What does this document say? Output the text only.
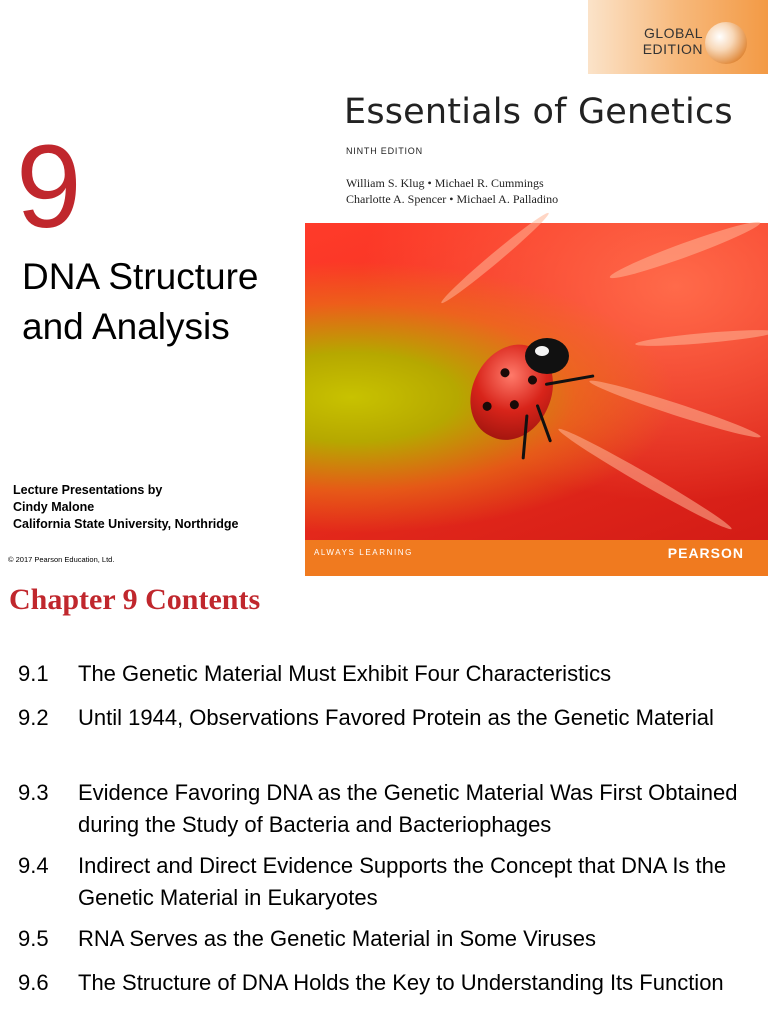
9
DNA Structure
and Analysis
Lecture Presentations by
Cindy Malone
California State University, Northridge
© 2017 Pearson Education, Ltd.
GLOBAL
EDITION
Essentials of Genetics
NINTH EDITION
William S. Klug • Michael R. Cummings
Charlotte A. Spencer • Michael A. Palladino
ALWAYS LEARNING	PEARSON
Chapter 9 Contents
9.1 The Genetic Material Must Exhibit Four Characteristics
9.2 Until 1944, Observations Favored Protein as the Genetic Material
9.3 Evidence Favoring DNA as the Genetic Material Was First Obtained during the Study of Bacteria and Bacteriophages
9.4 Indirect and Direct Evidence Supports the Concept that DNA Is the Genetic Material in Eukaryotes
9.5 RNA Serves as the Genetic Material in Some Viruses
9.6 The Structure of DNA Holds the Key to Understanding Its Function
